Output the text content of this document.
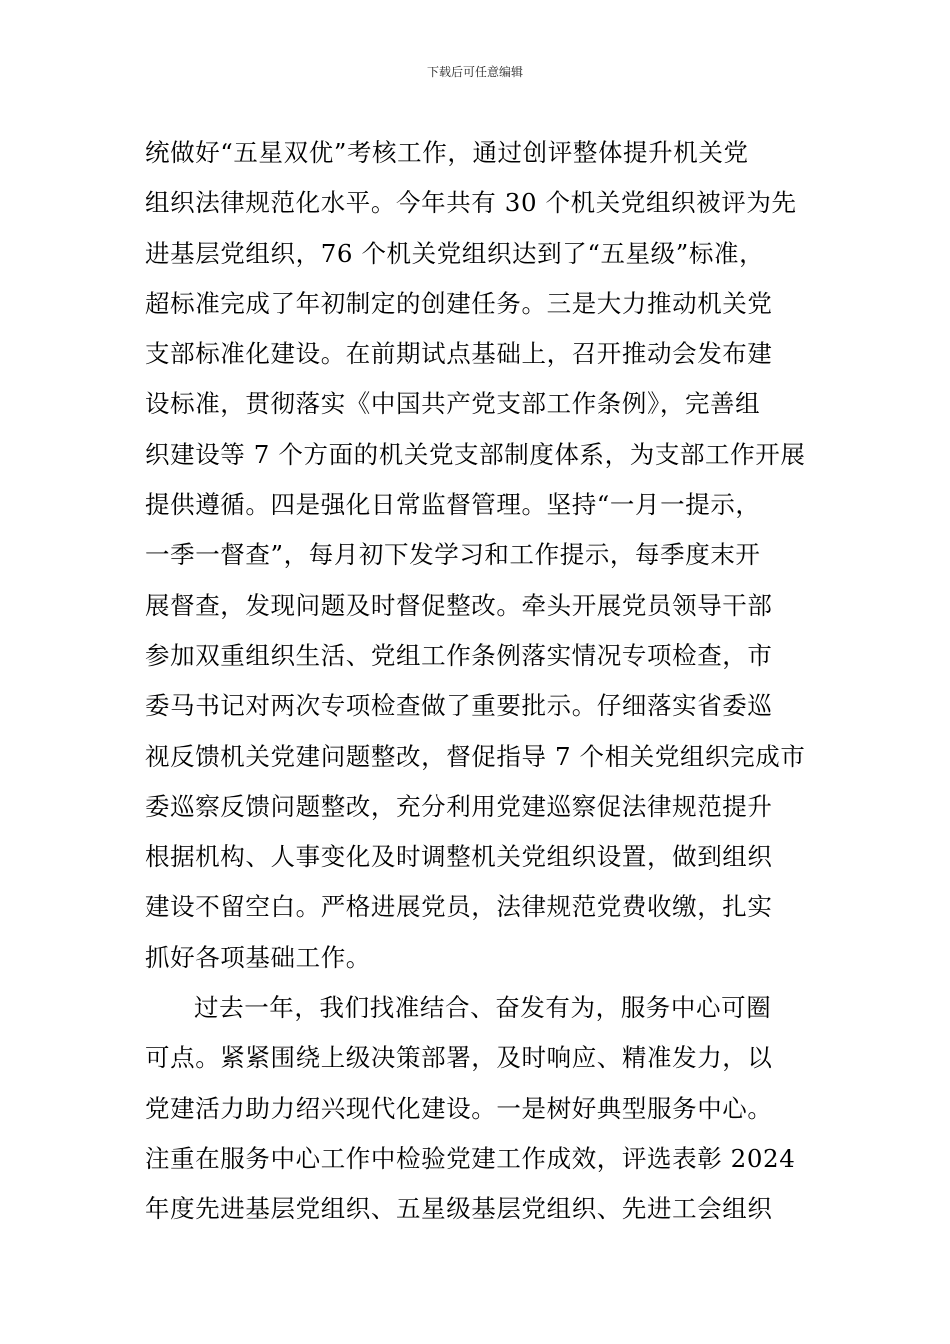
下载后可任意编辑
统做好“五星双优”考核工作，通过创评整体提升机关党
组织法律规范化水平。今年共有 30 个机关党组织被评为先
进基层党组织，76 个机关党组织达到了“五星级”标准，
超标准完成了年初制定的创建任务。三是大力推动机关党
支部标准化建设。在前期试点基础上，召开推动会发布建
设标准，贯彻落实《中国共产党支部工作条例》，完善组
织建设等 7 个方面的机关党支部制度体系，为支部工作开展
提供遵循。四是强化日常监督管理。坚持“一月一提示，
一季一督查”，每月初下发学习和工作提示，每季度末开
展督查，发现问题及时督促整改。牵头开展党员领导干部
参加双重组织生活、党组工作条例落实情况专项检查，市
委马书记对两次专项检查做了重要批示。仔细落实省委巡
视反馈机关党建问题整改，督促指导 7 个相关党组织完成市
委巡察反馈问题整改，充分利用党建巡察促法律规范提升
根据机构、人事变化及时调整机关党组织设置，做到组织
建设不留空白。严格进展党员，法律规范党费收缴，扎实
抓好各项基础工作。
过去一年，我们找准结合、奋发有为，服务中心可圈
可点。紧紧围绕上级决策部署，及时响应、精准发力，以
党建活力助力绍兴现代化建设。一是树好典型服务中心。
注重在服务中心工作中检验党建工作成效，评选表彰 2024
年度先进基层党组织、五星级基层党组织、先进工会组织
